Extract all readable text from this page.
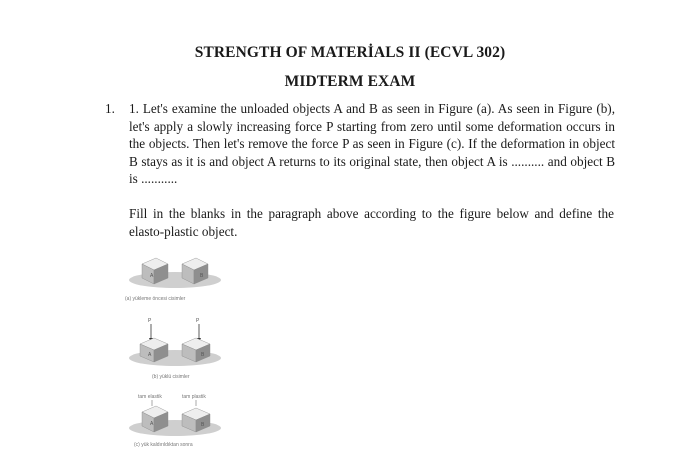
STRENGTH OF MATERİALS II (ECVL 302)
MIDTERM EXAM
1. 1. Let's examine the unloaded objects A and B as seen in Figure (a). As seen in Figure (b), let's apply a slowly increasing force P starting from zero until some deformation occurs in the objects. Then let's remove the force P as seen in Figure (c). If the deformation in object B stays as it is and object A returns to its original state, then object A is .......... and object B is ...........
Fill in the blanks in the paragraph above according to the figure below and define the elasto-plastic object.
A	B
(a) yükleme öncesi cisimler
P	P
A	B
(b) yüklü cisimler
tam elastik	tam plastik
A	B
(c) yük kaldırıldıktan sonra
